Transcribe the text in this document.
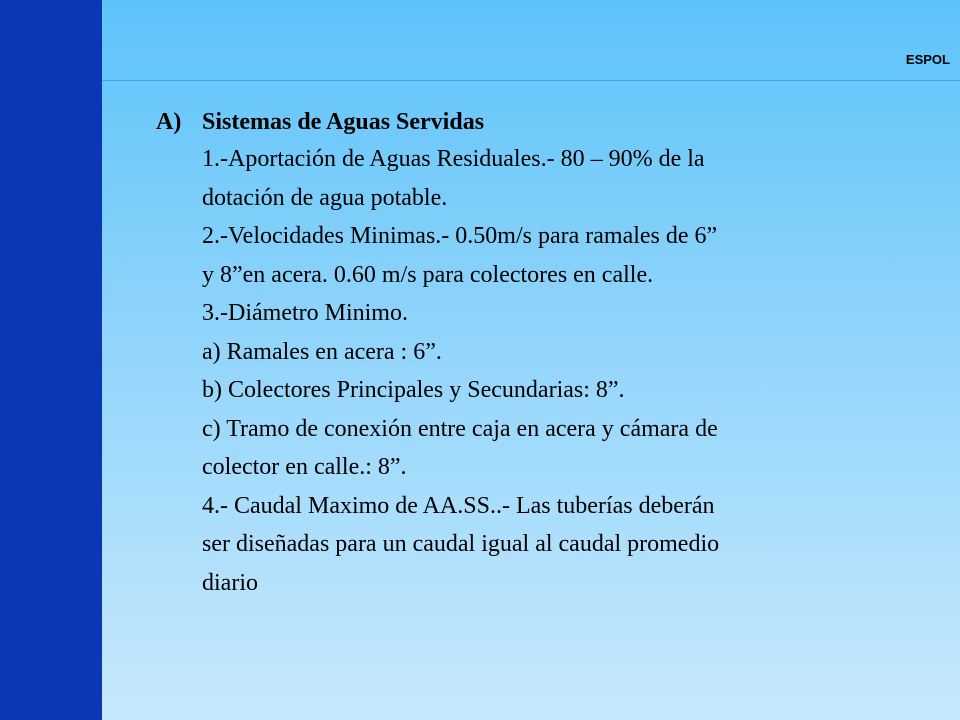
ESPOL
A) Sistemas de Aguas Servidas
1.-Aportación de Aguas Residuales.- 80 – 90% de la
dotación de agua potable.
2.-Velocidades Minimas.- 0.50m/s para ramales de 6”
y 8”en acera. 0.60 m/s para colectores en calle.
3.-Diámetro Minimo.
a) Ramales en acera : 6”.
b) Colectores Principales y Secundarias: 8”.
c) Tramo de conexión entre caja en acera y cámara de
colector en calle.: 8”.
4.- Caudal Maximo de AA.SS..- Las tuberías deberán
ser diseñadas para un caudal igual al caudal promedio
diario
